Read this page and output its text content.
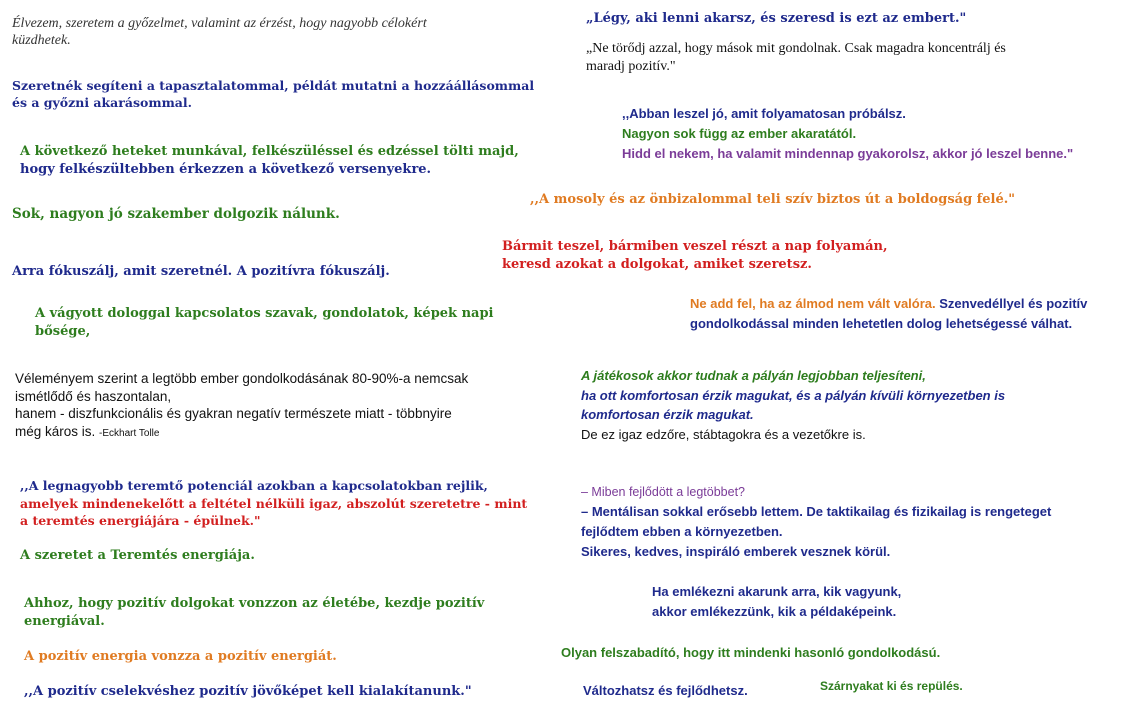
Élvezem, szeretem a győzelmet, valamint az érzést, hogy nagyobb célokért
küzdhetek.
Szeretnék segíteni a tapasztalatommal, példát mutatni a hozzáállásommal
és a győzni akarásommal.
A következő heteket munkával, felkészüléssel és edzéssel tölti majd,
hogy felkészültebben érkezzen a következő versenyekre.
Sok, nagyon jó szakember dolgozik nálunk.
Arra fókuszálj, amit szeretnél. A pozitívra fókuszálj.
A vágyott dologgal kapcsolatos szavak, gondolatok, képek napi
bősége,
Véleményem szerint a legtöbb ember gondolkodásának 80-90%-a nemcsak
ismétlődő és haszontalan,
hanem - diszfunkcionális és gyakran negatív természete miatt - többnyire
még káros is. -Eckhart Tolle
,,A legnagyobb teremtő potenciál azokban a kapcsolatokban rejlik,
amelyek mindenekelőtt a feltétel nélküli igaz, abszolút szeretetre - mint
a teremtés energiájára - épülnek."
A szeretet a Teremtés energiája.
Ahhoz, hogy pozitív dolgokat vonzzon az életébe, kezdje pozitív
energiával.
A pozitív energia vonzza a pozitív energiát.
,,A pozitív cselekvéshez pozitív jövőképet kell kialakítanunk."
„Légy, aki lenni akarsz, és szeresd is ezt az embert."
„Ne törődj azzal, hogy mások mit gondolnak. Csak magadra koncentrálj és
maradj pozitív."
,,Abban leszel jó, amit folyamatosan próbálsz.
Nagyon sok függ az ember akaratától.
Hidd el nekem, ha valamit mindennap gyakorolsz, akkor jó leszel benne."
,,A mosoly és az önbizalommal teli szív biztos út a boldogság felé."
Bármit teszel, bármiben veszel részt a nap folyamán,
keresd azokat a dolgokat, amiket szeretsz.
Ne add fel, ha az álmod nem vált valóra. Szenvedéllyel és pozitív
gondolkodással minden lehetetlen dolog lehetségessé válhat.
A játékosok akkor tudnak a pályán legjobban teljesíteni,
ha ott komfortosan érzik magukat, és a pályán kívüli környezetben is
komfortosan érzik magukat.
De ez igaz edzőre, stábtagokra és a vezetőkre is.
– Miben fejlődött a legtöbbet?
– Mentálisan sokkal erősebb lettem. De taktikailag és fizikailag is rengeteget
fejlődtem ebben a környezetben.
Sikeres, kedves, inspiráló emberek vesznek körül.
Ha emlékezni akarunk arra, kik vagyunk,
akkor emlékezzünk, kik a példaképeink.
Olyan felszabadító, hogy itt mindenki hasonló gondolkodású.
Változhatsz és fejlődhetsz.	Szárnyakat ki és repülés.
